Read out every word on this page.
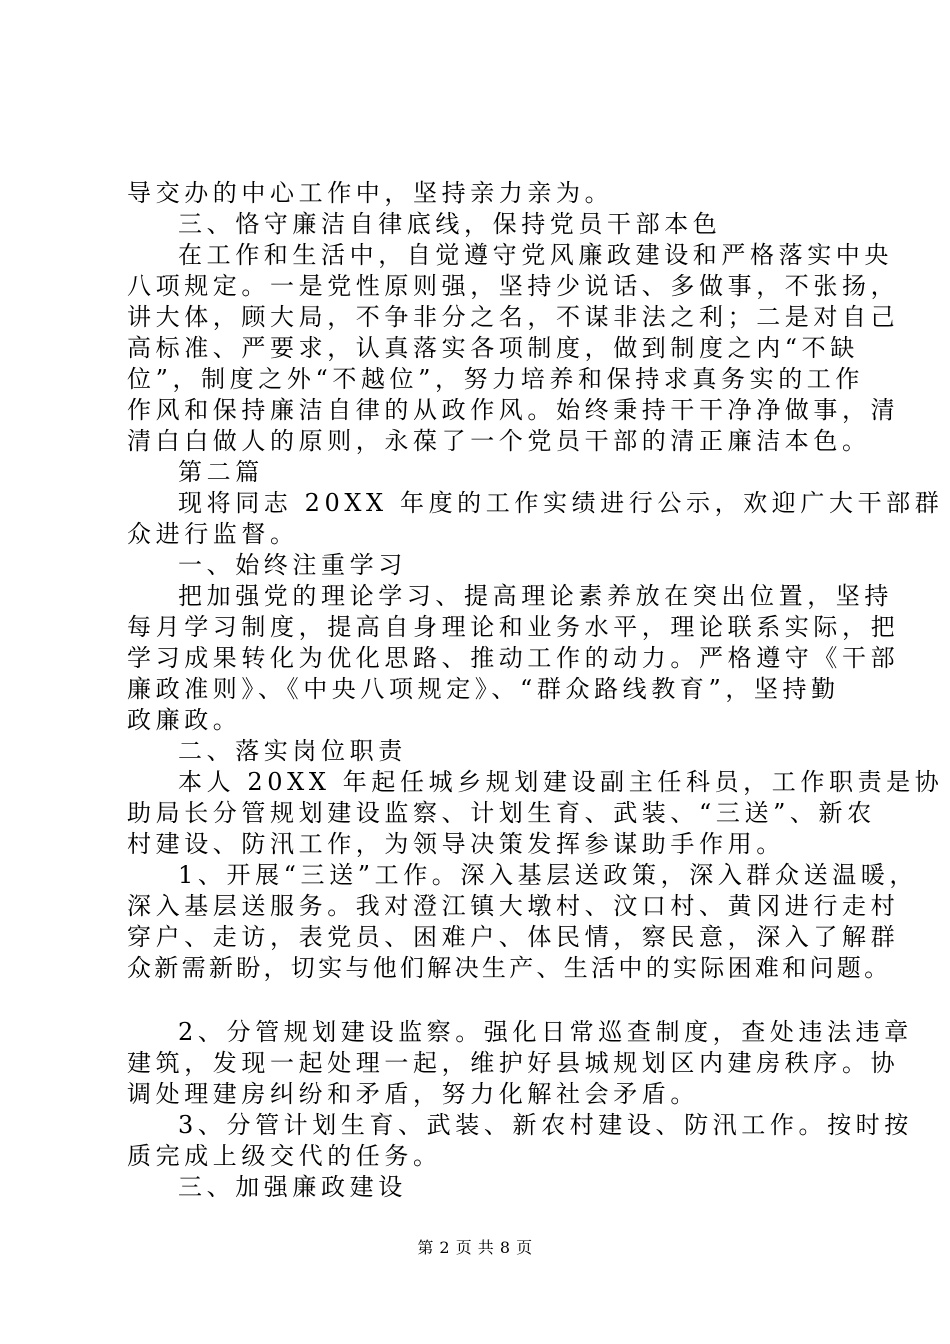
导交办的中心工作中，坚持亲力亲为。
三、恪守廉洁自律底线，保持党员干部本色
在工作和生活中，自觉遵守党风廉政建设和严格落实中央
八项规定。一是党性原则强，坚持少说话、多做事，不张扬，
讲大体，顾大局，不争非分之名，不谋非法之利；二是对自己
高标准、严要求，认真落实各项制度，做到制度之内“不缺
位”，制度之外“不越位”，努力培养和保持求真务实的工作
作风和保持廉洁自律的从政作风。始终秉持干干净净做事，清
清白白做人的原则，永葆了一个党员干部的清正廉洁本色。
第二篇
现将同志 20XX 年度的工作实绩进行公示，欢迎广大干部群
众进行监督。
一、始终注重学习
把加强党的理论学习、提高理论素养放在突出位置，坚持
每月学习制度，提高自身理论和业务水平，理论联系实际，把
学习成果转化为优化思路、推动工作的动力。严格遵守《干部
廉政准则》、《中央八项规定》、“群众路线教育”，坚持勤
政廉政。
二、落实岗位职责
本人 20XX 年起任城乡规划建设副主任科员，工作职责是协
助局长分管规划建设监察、计划生育、武装、“三送”、新农
村建设、防汛工作，为领导决策发挥参谋助手作用。
1、开展“三送”工作。深入基层送政策，深入群众送温暖，
深入基层送服务。我对澄江镇大墩村、汶口村、黄冈进行走村
穿户、走访，表党员、困难户、体民情，察民意，深入了解群
众新需新盼，切实与他们解决生产、生活中的实际困难和问题。
2、分管规划建设监察。强化日常巡查制度，查处违法违章
建筑，发现一起处理一起，维护好县城规划区内建房秩序。协
调处理建房纠纷和矛盾，努力化解社会矛盾。
3、分管计划生育、武装、新农村建设、防汛工作。按时按
质完成上级交代的任务。
三、加强廉政建设
第 2 页 共 8 页
